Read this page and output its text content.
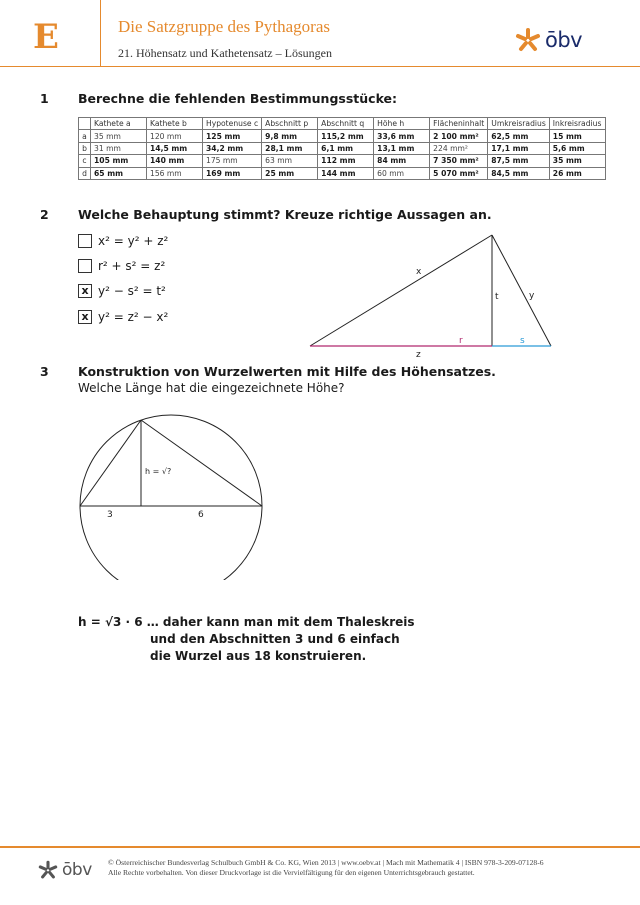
E	Die Satzgruppe des Pythagoras
21. Höhensatz und Kathetensatz – Lösungen
ōbv
1 Berechne die fehlenden Bestimmungsstücke:
	Kathete a	Kathete b	Hypotenuse c	Abschnitt p	Abschnitt q	Höhe h	Flächeninhalt	Umkreisradius	Inkreisradius
a	35 mm	120 mm	125 mm	9,8 mm	115,2 mm	33,6 mm	2 100 mm²	62,5 mm	15 mm
b	31 mm	14,5 mm	34,2 mm	28,1 mm	6,1 mm	13,1 mm	224 mm²	17,1 mm	5,6 mm
c	105 mm	140 mm	175 mm	63 mm	112 mm	84 mm	7 350 mm²	87,5 mm	35 mm
d	65 mm	156 mm	169 mm	25 mm	144 mm	60 mm	5 070 mm²	84,5 mm	26 mm
2 Welche Behauptung stimmt? Kreuze richtige Aussagen an.
x² = y² + z²
r² + s² = z²
x y² − s² = t²
x y² = z² − x²
x
y
t
r	s
z
3 Konstruktion von Wurzelwerten mit Hilfe des Höhensatzes.
Welche Länge hat die eingezeichnete Höhe?
h = √?
3	6
h = √3 · 6 … daher kann man mit dem Thaleskreis
und den Abschnitten 3 und 6 einfach
die Wurzel aus 18 konstruieren.
ōbv © Österreichischer Bundesverlag Schulbuch GmbH & Co. KG, Wien 2013 | www.oebv.at | Mach mit Mathematik 4 | ISBN 978-3-209-07128-6
Alle Rechte vorbehalten. Von dieser Druckvorlage ist die Vervielfältigung für den eigenen Unterrichtsgebrauch gestattet.
